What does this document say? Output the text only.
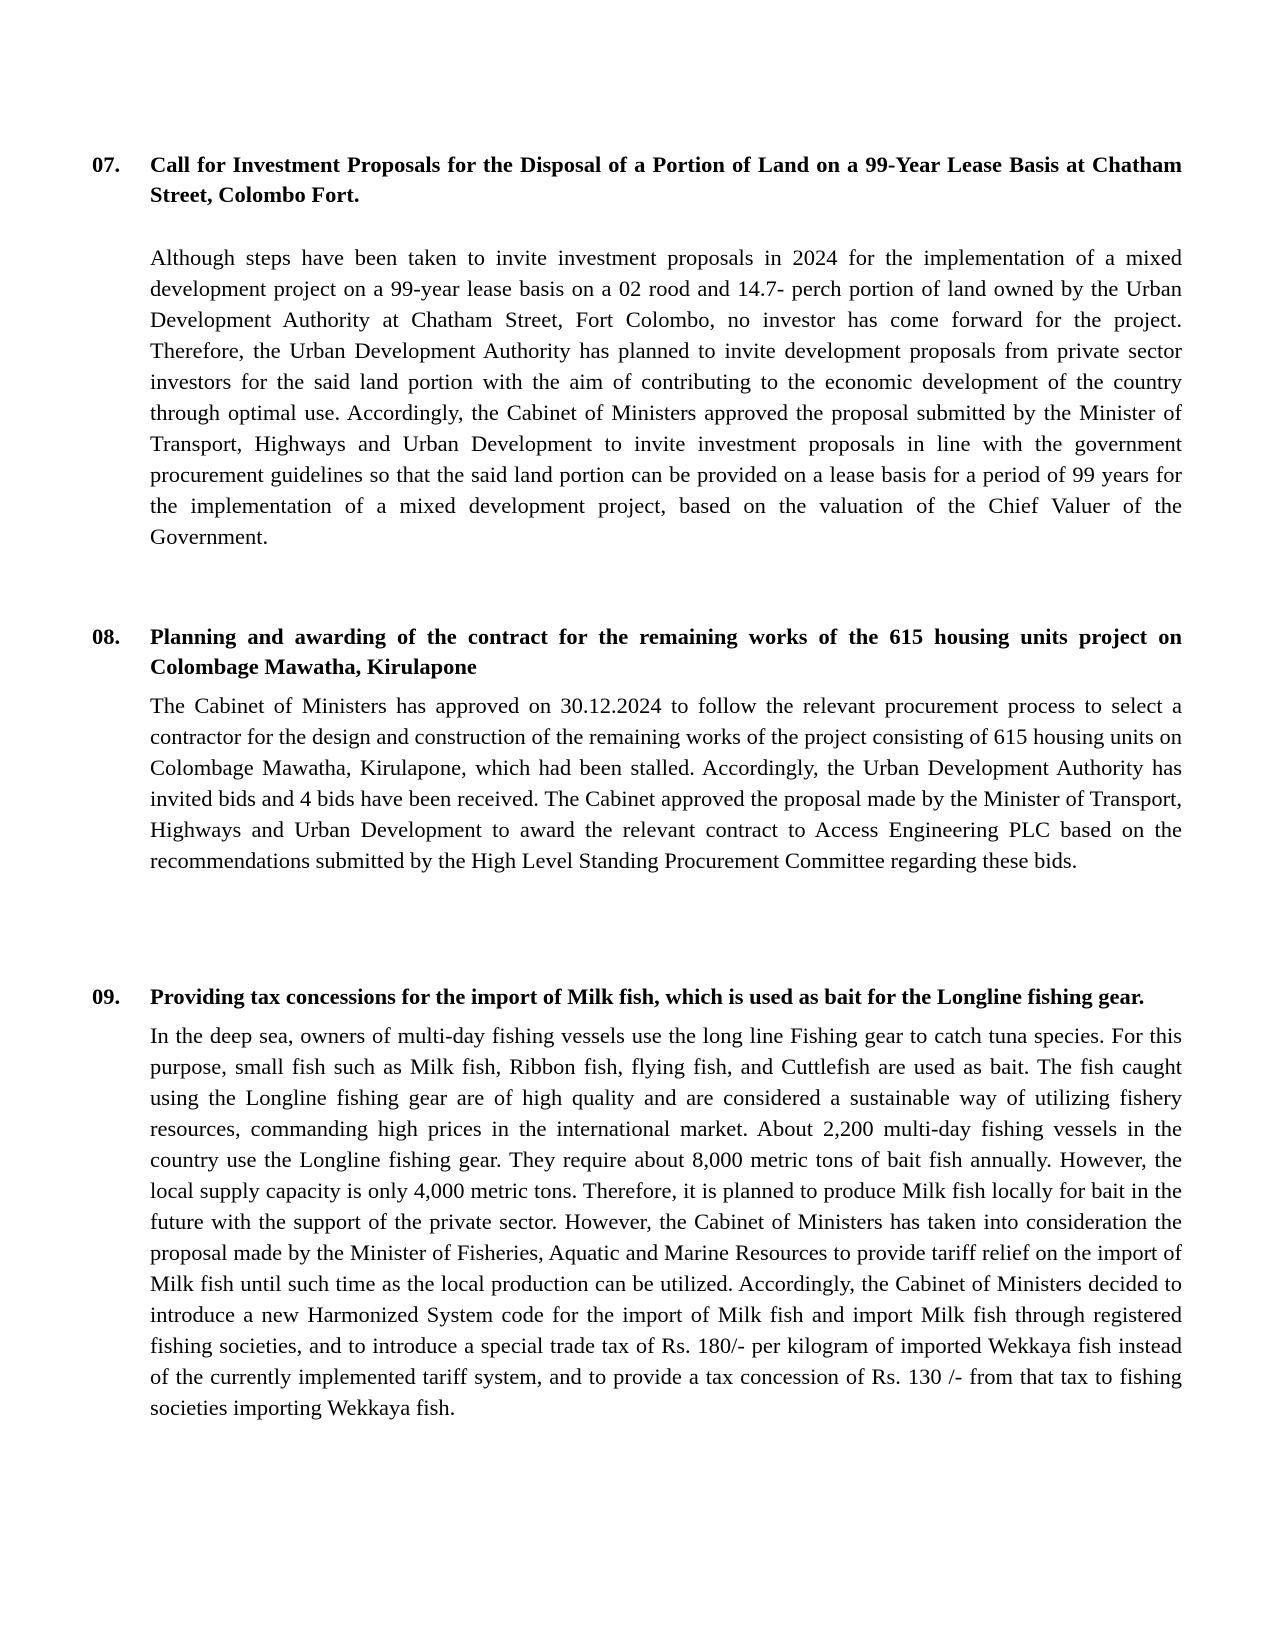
07. Call for Investment Proposals for the Disposal of a Portion of Land on a 99-Year Lease Basis at Chatham Street, Colombo Fort.
Although steps have been taken to invite investment proposals in 2024 for the implementation of a mixed development project on a 99-year lease basis on a 02 rood and 14.7- perch portion of land owned by the Urban Development Authority at Chatham Street, Fort Colombo, no investor has come forward for the project. Therefore, the Urban Development Authority has planned to invite development proposals from private sector investors for the said land portion with the aim of contributing to the economic development of the country through optimal use. Accordingly, the Cabinet of Ministers approved the proposal submitted by the Minister of Transport, Highways and Urban Development to invite investment proposals in line with the government procurement guidelines so that the said land portion can be provided on a lease basis for a period of 99 years for the implementation of a mixed development project, based on the valuation of the Chief Valuer of the Government.
08. Planning and awarding of the contract for the remaining works of the 615 housing units project on Colombage Mawatha, Kirulapone
The Cabinet of Ministers has approved on 30.12.2024 to follow the relevant procurement process to select a contractor for the design and construction of the remaining works of the project consisting of 615 housing units on Colombage Mawatha, Kirulapone, which had been stalled. Accordingly, the Urban Development Authority has invited bids and 4 bids have been received. The Cabinet approved the proposal made by the Minister of Transport, Highways and Urban Development to award the relevant contract to Access Engineering PLC based on the recommendations submitted by the High Level Standing Procurement Committee regarding these bids.
09. Providing tax concessions for the import of Milk fish, which is used as bait for the Longline fishing gear.
In the deep sea, owners of multi-day fishing vessels use the long line Fishing gear to catch tuna species. For this purpose, small fish such as Milk fish, Ribbon fish, flying fish, and Cuttlefish are used as bait. The fish caught using the Longline fishing gear are of high quality and are considered a sustainable way of utilizing fishery resources, commanding high prices in the international market. About 2,200 multi-day fishing vessels in the country use the Longline fishing gear. They require about 8,000 metric tons of bait fish annually. However, the local supply capacity is only 4,000 metric tons. Therefore, it is planned to produce Milk fish locally for bait in the future with the support of the private sector. However, the Cabinet of Ministers has taken into consideration the proposal made by the Minister of Fisheries, Aquatic and Marine Resources to provide tariff relief on the import of Milk fish until such time as the local production can be utilized. Accordingly, the Cabinet of Ministers decided to introduce a new Harmonized System code for the import of Milk fish and import Milk fish through registered fishing societies, and to introduce a special trade tax of Rs. 180/- per kilogram of imported Wekkaya fish instead of the currently implemented tariff system, and to provide a tax concession of Rs. 130 /- from that tax to fishing societies importing Wekkaya fish.
